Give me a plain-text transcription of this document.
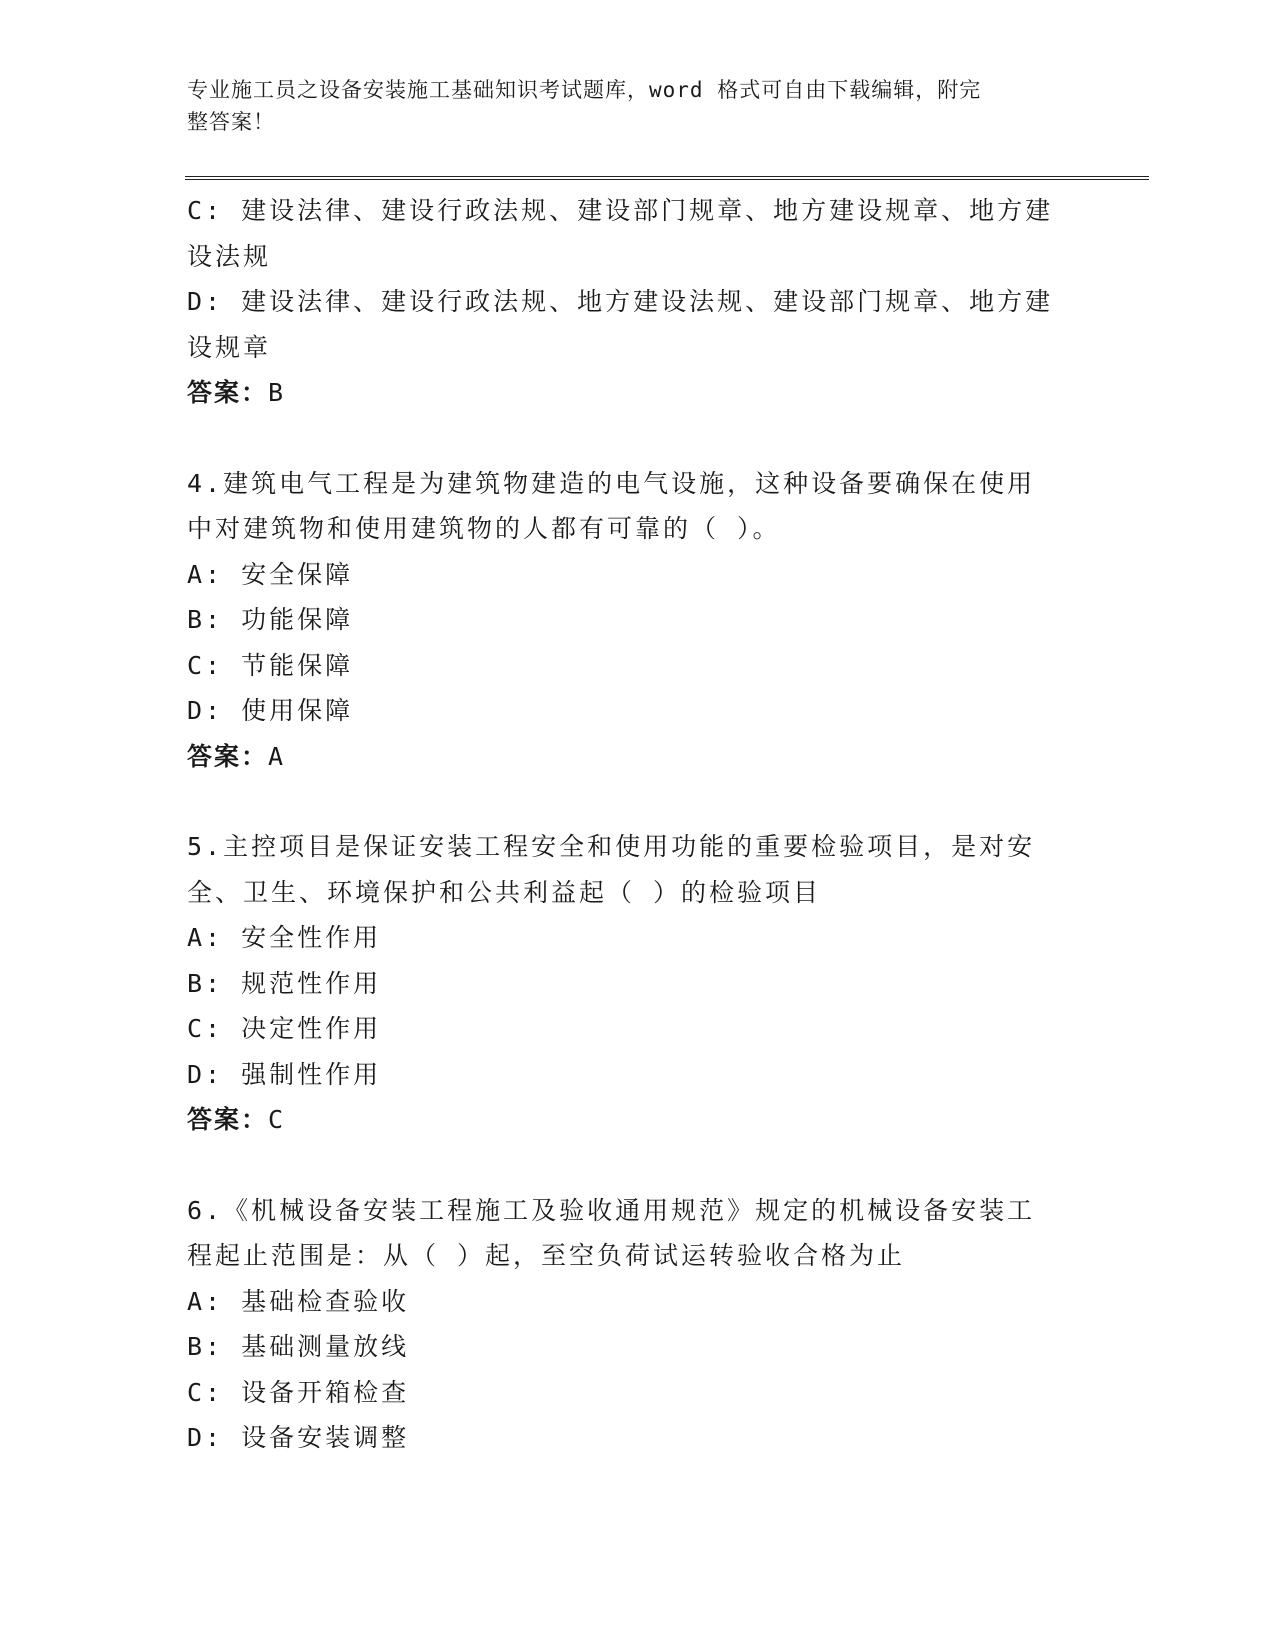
专业施工员之设备安装施工基础知识考试题库，word 格式可自由下载编辑，附完
整答案！
C: 建设法律、建设行政法规、建设部门规章、地方建设规章、地方建
设法规
D: 建设法律、建设行政法规、地方建设法规、建设部门规章、地方建
设规章
答案：B
4.建筑电气工程是为建筑物建造的电气设施，这种设备要确保在使用
中对建筑物和使用建筑物的人都有可靠的（ ）。
A: 安全保障
B: 功能保障
C: 节能保障
D: 使用保障
答案：A
5.主控项目是保证安装工程安全和使用功能的重要检验项目，是对安
全、卫生、环境保护和公共利益起（ ）的检验项目
A: 安全性作用
B: 规范性作用
C: 决定性作用
D: 强制性作用
答案：C
6.《机械设备安装工程施工及验收通用规范》规定的机械设备安装工
程起止范围是：从（ ）起，至空负荷试运转验收合格为止
A: 基础检查验收
B: 基础测量放线
C: 设备开箱检查
D: 设备安装调整
